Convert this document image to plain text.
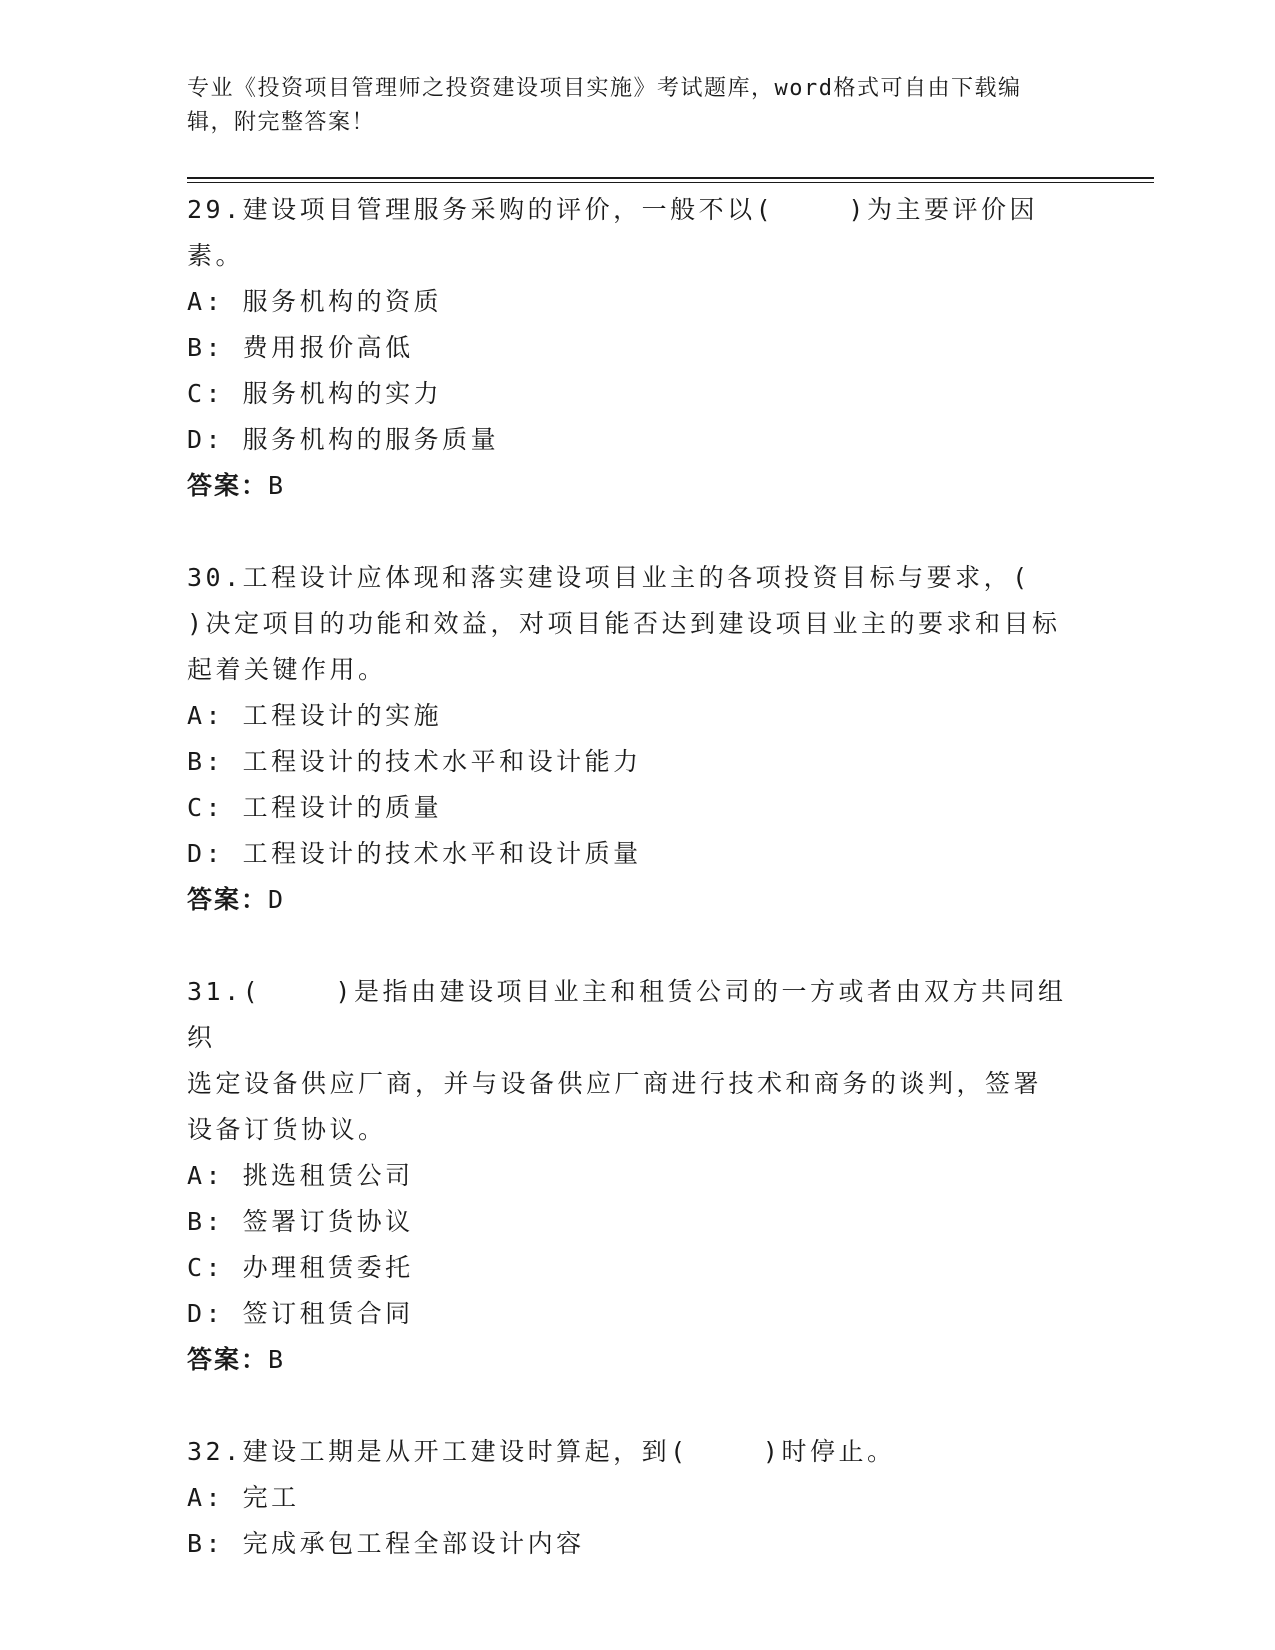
专业《投资项目管理师之投资建设项目实施》考试题库，word格式可自由下载编辑，附完整答案！
29.建设项目管理服务采购的评价，一般不以(    )为主要评价因素。
A: 服务机构的资质
B: 费用报价高低
C: 服务机构的实力
D: 服务机构的服务质量
答案：B
30.工程设计应体现和落实建设项目业主的各项投资目标与要求，(
)决定项目的功能和效益，对项目能否达到建设项目业主的要求和目标
起着关键作用。
A: 工程设计的实施
B: 工程设计的技术水平和设计能力
C: 工程设计的质量
D: 工程设计的技术水平和设计质量
答案：D
31.(    )是指由建设项目业主和租赁公司的一方或者由双方共同组织
选定设备供应厂商，并与设备供应厂商进行技术和商务的谈判，签署
设备订货协议。
A: 挑选租赁公司
B: 签署订货协议
C: 办理租赁委托
D: 签订租赁合同
答案：B
32.建设工期是从开工建设时算起，到(    )时停止。
A: 完工
B: 完成承包工程全部设计内容
